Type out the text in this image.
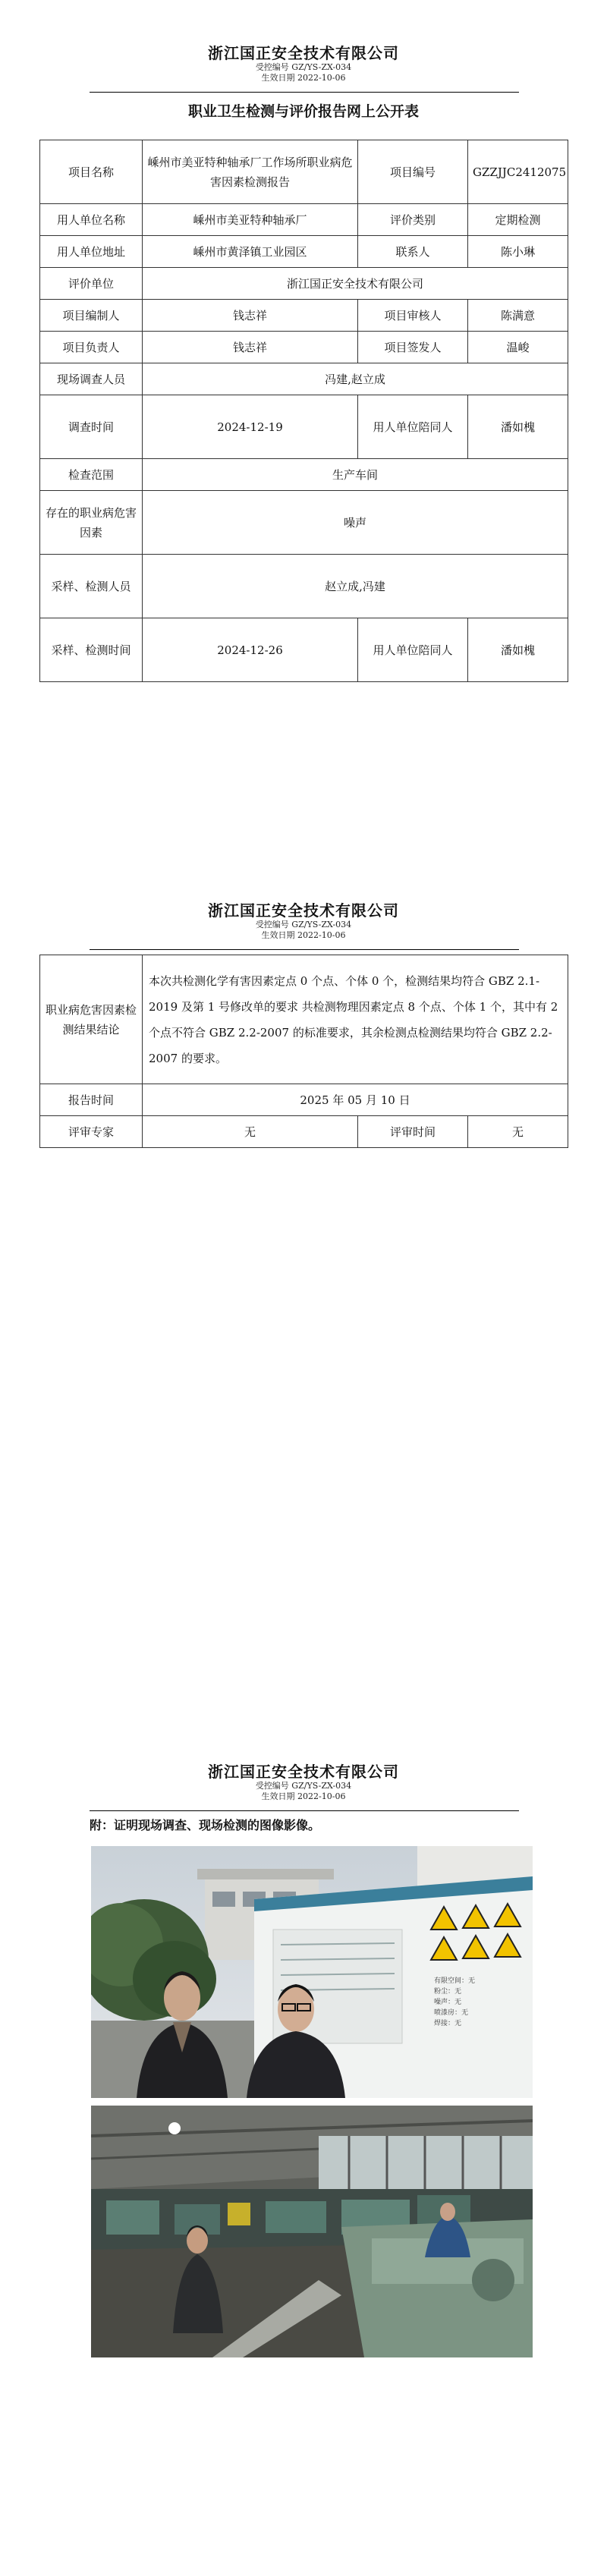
浙江国正安全技术有限公司

受控编号 GZ/YS-ZX-034

生效日期 2022-10-06

职业卫生检测与评价报告网上公开表
项目名称	嵊州市美亚特种轴承厂工作场所职业病危害因素检测报告	项目编号	GZZJJC2412075
用人单位名称	嵊州市美亚特种轴承厂	评价类别	定期检测
用人单位地址	嵊州市黄泽镇工业园区	联系人	陈小琳
评价单位	浙江国正安全技术有限公司		
项目编制人	钱志祥	项目审核人	陈满意
项目负责人	钱志祥	项目签发人	温峻
现场调查人员	冯建,赵立成		
调查时间	2024-12-19	用人单位陪同人	潘如槐
检查范围	生产车间		
存在的职业病危害因素	噪声		
采样、检测人员	赵立成,冯建		
采样、检测时间	2024-12-26	用人单位陪同人	潘如槐

浙江国正安全技术有限公司

受控编号 GZ/YS-ZX-034

生效日期 2022-10-06

职业病危害因素检测结果结论	本次共检测化学有害因素定点 0 个点、个体 0 个，检测结果均符合 GBZ 2.1-2019 及第 1 号修改单的要求 共检测物理因素定点 8 个点、个体 1 个，其中有 2 个点不符合 GBZ 2.2-2007 的标准要求，其余检测点检测结果均符合 GBZ 2.2-2007 的要求。		
报告时间	2025 年 05 月 10 日		
评审专家	无	评审时间	无

浙江国正安全技术有限公司

受控编号 GZ/YS-ZX-034

生效日期 2022-10-06

附：证明现场调查、现场检测的图像影像。
有限空间：无
粉尘：无
噪声：无
喷漆房：无
焊接：无
